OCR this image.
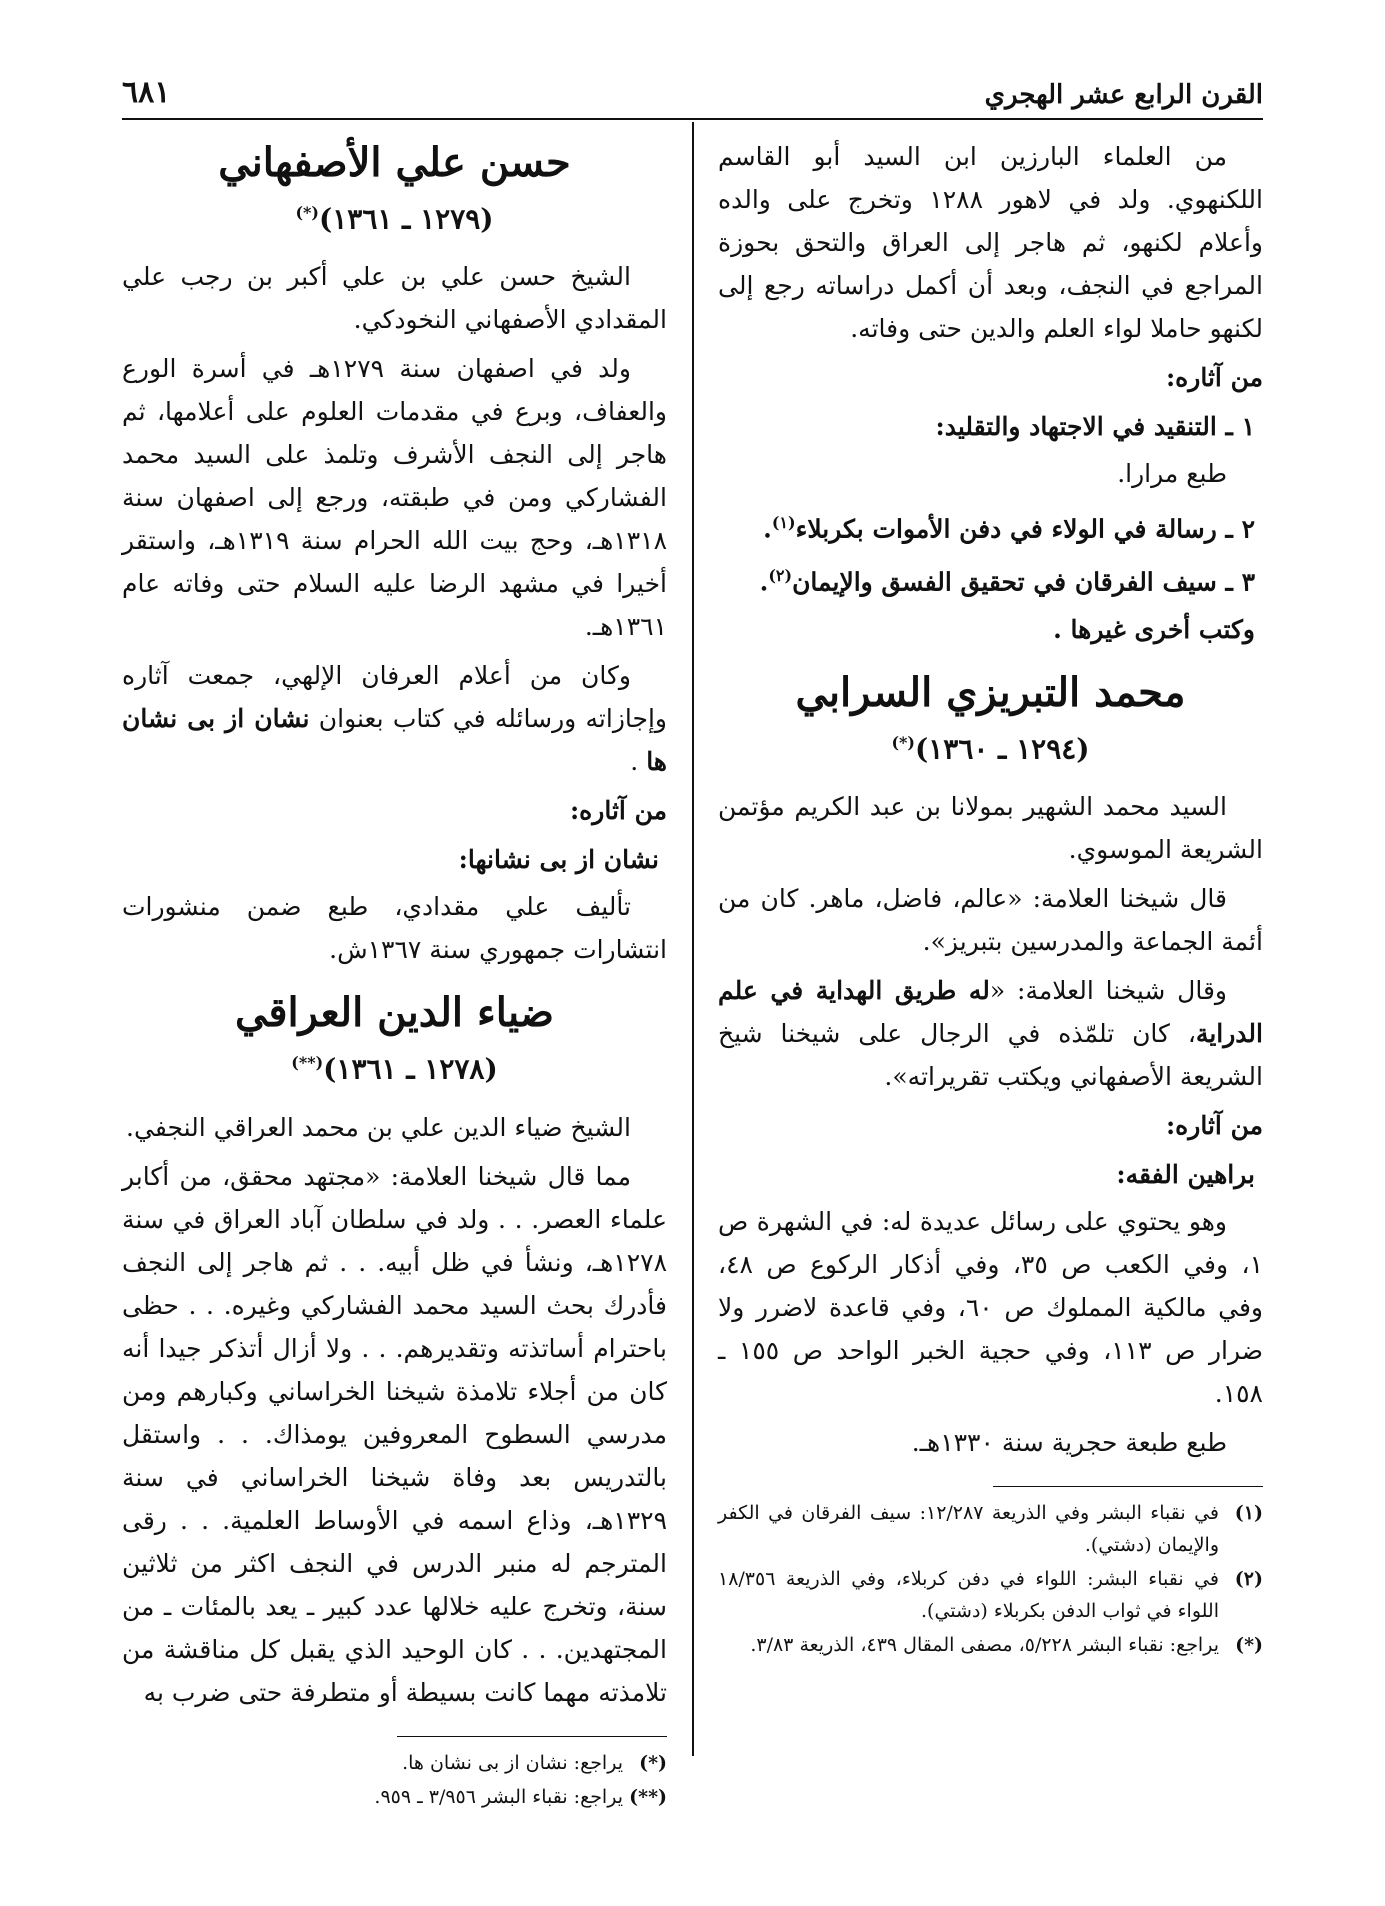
القرن الرابع عشر الهجري
٦٨١

من العلماء البارزين ابن السيد أبو القاسم اللكنهوي. ولد في لاهور ١٢٨٨ وتخرج على والده وأعلام لكنهو، ثم هاجر إلى العراق والتحق بحوزة المراجع في النجف، وبعد أن أكمل دراساته رجع إلى لكنهو حاملا لواء العلم والدين حتى وفاته.

من آثاره:
١ ـ التنقيد في الاجتهاد والتقليد:

طبع مرارا.

٢ ـ رسالة في الولاء في دفن الأموات بكربلاء$^{(١)}$.
٣ ـ سيف الفرقان في تحقيق الفسق والإيمان$^{(٢)}$.
وكتب أخرى غيرها .
محمد التبريزي السرابي
(١٢٩٤ ـ ١٣٦٠)(*)

السيد محمد الشهير بمولانا بن عبد الكريم مؤتمن الشريعة الموسوي.

قال شيخنا العلامة: «عالم، فاضل، ماهر. كان من أئمة الجماعة والمدرسين بتبريز».

وقال شيخنا العلامة: «له طريق الهداية في علم الدراية، كان تلمّذه في الرجال على شيخنا شيخ الشريعة الأصفهاني ويكتب تقريراته».

من آثاره:
براهين الفقه:

وهو يحتوي على رسائل عديدة له: في الشهرة ص ١، وفي الكعب ص ٣٥، وفي أذكار الركوع ص ٤٨، وفي مالكية المملوك ص ٦٠، وفي قاعدة لاضرر ولا ضرار ص ١١٣، وفي حجية الخبر الواحد ص ١٥٥ ـ ١٥٨.

طبع طبعة حجرية سنة ١٣٣٠هـ.

(١)
في نقباء البشر وفي الذريعة ١٢/٢٨٧: سيف الفرقان في الكفر والإيمان (دشتي).
(٢)
في نقباء البشر: اللواء في دفن كربلاء، وفي الذريعة ١٨/٣٥٦ اللواء في ثواب الدفن بكربلاء (دشتي).
(*)
يراجع: نقباء البشر ٥/٢٢٨، مصفى المقال ٤٣٩، الذريعة ٣/٨٣.
حسن علي الأصفهاني
(١٢٧٩ ـ ١٣٦١)(*)

الشيخ حسن علي بن علي أكبر بن رجب علي المقدادي الأصفهاني النخودكي.

ولد في اصفهان سنة ١٢٧٩هـ في أسرة الورع والعفاف، وبرع في مقدمات العلوم على أعلامها، ثم هاجر إلى النجف الأشرف وتلمذ على السيد محمد الفشاركي ومن في طبقته، ورجع إلى اصفهان سنة ١٣١٨هـ، وحج بيت الله الحرام سنة ١٣١٩هـ، واستقر أخيرا في مشهد الرضا عليه السلام حتى وفاته عام ١٣٦١هـ.

وكان من أعلام العرفان الإلهي، جمعت آثاره وإجازاته ورسائله في كتاب بعنوان نشان از بى نشان ها .

من آثاره:
نشان از بى نشانها:

تأليف علي مقدادي، طبع ضمن منشورات انتشارات جمهوري سنة ١٣٦٧ش.

ضياء الدين العراقي
(١٢٧٨ ـ ١٣٦١)(**)

الشيخ ضياء الدين علي بن محمد العراقي النجفي.

مما قال شيخنا العلامة: «مجتهد محقق، من أكابر علماء العصر. . . ولد في سلطان آباد العراق في سنة ١٢٧٨هـ، ونشأ في ظل أبيه. . . ثم هاجر إلى النجف فأدرك بحث السيد محمد الفشاركي وغيره. . . حظى باحترام أساتذته وتقديرهم. . . ولا أزال أتذكر جيدا أنه كان من أجلاء تلامذة شيخنا الخراساني وكبارهم ومن مدرسي السطوح المعروفين يومذاك. . . واستقل بالتدريس بعد وفاة شيخنا الخراساني في سنة ١٣٢٩هـ، وذاع اسمه في الأوساط العلمية. . . رقى المترجم له منبر الدرس في النجف اكثر من ثلاثين سنة، وتخرج عليه خلالها عدد كبير ـ يعد بالمئات ـ من المجتهدين. . . كان الوحيد الذي يقبل كل مناقشة من تلامذته مهما كانت بسيطة أو متطرفة حتى ضرب به

(*)
يراجع: نشان از بى نشان ها.
(**)
يراجع: نقباء البشر ٣/٩٥٦ ـ ٩٥٩.
